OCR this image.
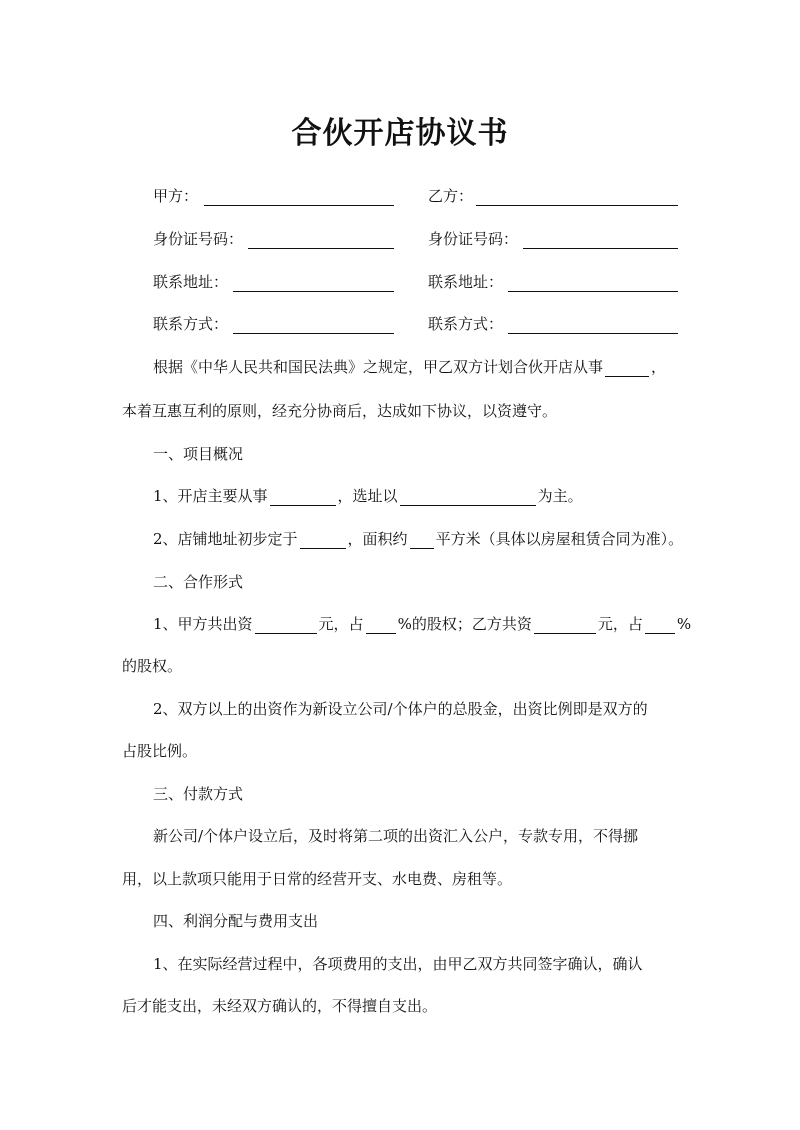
合伙开店协议书
甲方：	乙方：
身份证号码：	身份证号码：
联系地址：	联系地址：
联系方式：	联系方式：
根据《中华人民共和国民法典》之规定，甲乙双方计划合伙开店从事	，
本着互惠互利的原则，经充分协商后，达成如下协议，以资遵守。
一、项目概况
1、开店主要从事	，选址以	为主。
2、店铺地址初步定于	，面积约 平方米（具体以房屋租赁合同为准）。
二、合作形式
1、甲方共出资	元，占 %的股权；乙方共资	元，占 %
的股权。
2、双方以上的出资作为新设立公司/个体户的总股金，出资比例即是双方的
占股比例。
三、付款方式
新公司/个体户设立后，及时将第二项的出资汇入公户，专款专用，不得挪
用，以上款项只能用于日常的经营开支、水电费、房租等。
四、利润分配与费用支出
1、在实际经营过程中，各项费用的支出，由甲乙双方共同签字确认，确认
后才能支出，未经双方确认的，不得擅自支出。
